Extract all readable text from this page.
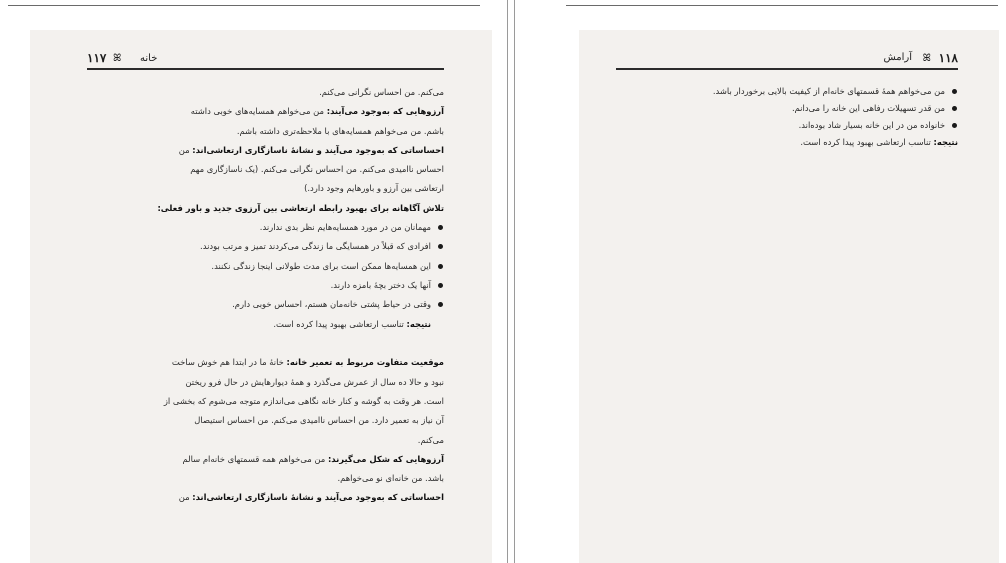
۱۱۷ ꕤ خانه
می‌کنم. من احساس نگرانی می‌کنم.
آرزوهایی که به‌وجود می‌آیند: من می‌خواهم همسایه‌های خوبی داشته
باشم. من می‌خواهم همسایه‌های با ملاحظه‌تری داشته باشم.
احساساتی که به‌وجود می‌آیند و نشانهٔ ناسازگاری ارتعاشی‌اند: من
احساس ناامیدی می‌کنم. من احساس نگرانی می‌کنم. (یک ناسازگاری مهم
ارتعاشی بین آرزو و باورهایم وجود دارد.)
تلاش آگاهانه برای بهبود رابطه ارتعاشی بین آرزوی جدید و باور فعلی:
مهمانان من در مورد همسایه‌هایم نظر بدی ندارند.
افرادی که قبلاً در همسایگی ما زندگی می‌کردند تمیز و مرتب بودند.
این همسایه‌ها ممکن است برای مدت طولانی اینجا زندگی نکنند.
آنها یک دختر بچهٔ بامزه دارند.
وقتی در حیاط پشتی خانه‌مان هستم، احساس خوبی دارم.
نتیجه: تناسب ارتعاشی بهبود پیدا کرده است.
موقعیت متفاوت مربوط به تعمیر خانه: خانهٔ ما در ابتدا هم خوش ساخت
نبود و حالا ده سال از عمرش می‌گذرد و همهٔ دیوارهایش در حال فرو ریختن
است. هر وقت به گوشه و کنار خانه نگاهی می‌اندازم متوجه می‌شوم که بخشی از
آن نیاز به تعمیر دارد. من احساس ناامیدی می‌کنم. من احساس استیصال
می‌کنم.
آرزوهایی که شکل می‌گیرند: من می‌خواهم همه قسمتهای خانه‌ام سالم
باشد. من خانه‌ای نو می‌خواهم.
احساساتی که به‌وجود می‌آیند و نشانهٔ ناسازگاری ارتعاشی‌اند: من
۱۱۸
ꕤ
آرامش
من می‌خواهم همهٔ قسمتهای خانه‌ام از کیفیت بالایی برخوردار باشد.
من قدر تسهیلات رفاهی این خانه را می‌دانم.
خانواده من در این خانه بسیار شاد بوده‌اند.
نتیجه: تناسب ارتعاشی بهبود پیدا کرده است.
